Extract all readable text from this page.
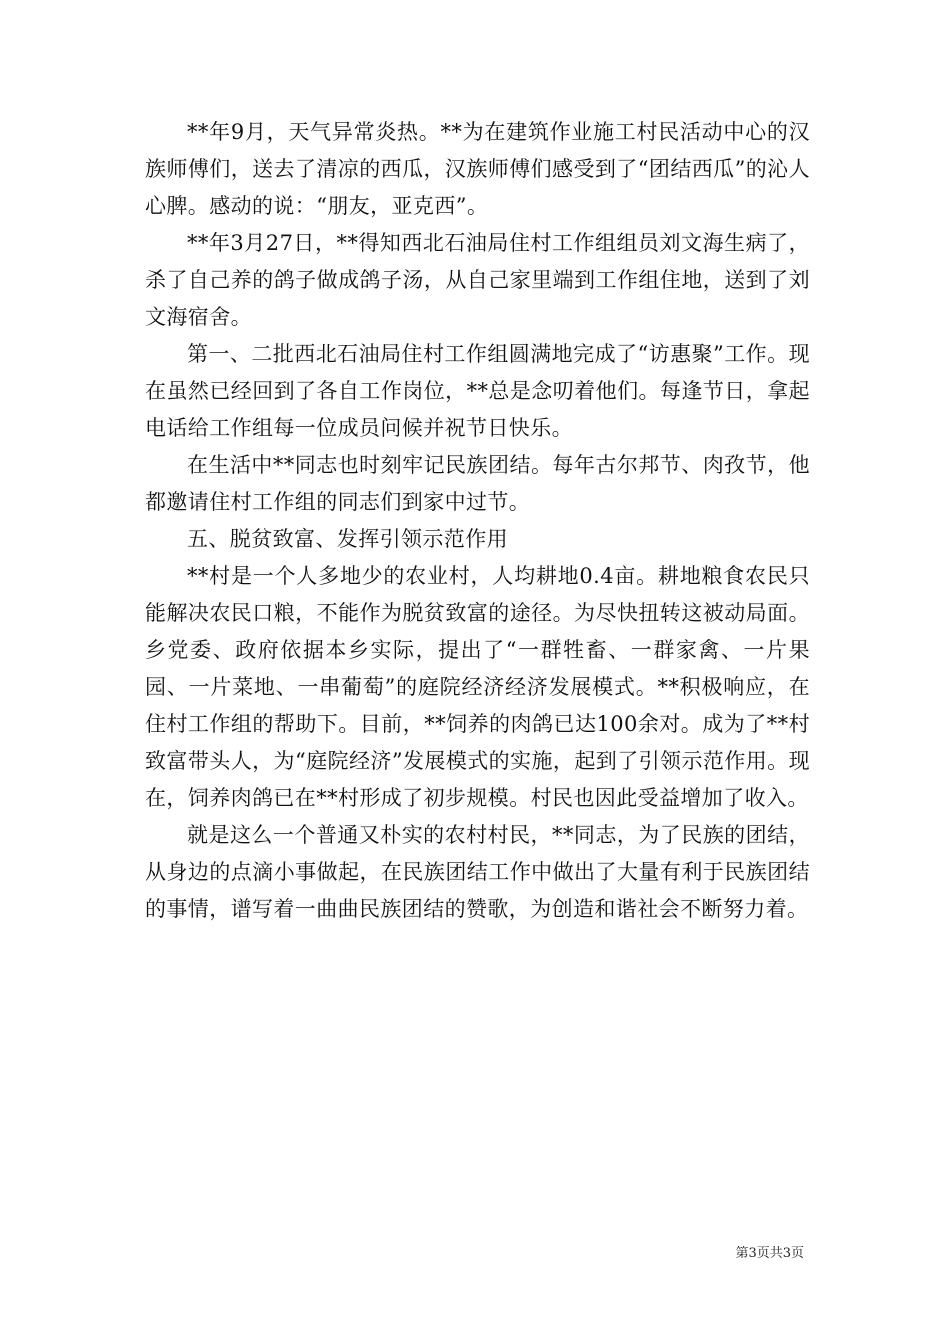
**年9月，天气异常炎热。**为在建筑作业施工村民活动中心的汉族师傅们，送去了清凉的西瓜，汉族师傅们感受到了“团结西瓜”的沁人心脾。感动的说：“朋友，亚克西”。

**年3月27日，**得知西北石油局住村工作组组员刘文海生病了，杀了自己养的鸽子做成鸽子汤，从自己家里端到工作组住地，送到了刘文海宿舍。

第一、二批西北石油局住村工作组圆满地完成了“访惠聚”工作。现在虽然已经回到了各自工作岗位，**总是念叨着他们。每逢节日，拿起电话给工作组每一位成员问候并祝节日快乐。

在生活中**同志也时刻牢记民族团结。每年古尔邦节、肉孜节，他都邀请住村工作组的同志们到家中过节。

五、脱贫致富、发挥引领示范作用

**村是一个人多地少的农业村，人均耕地0.4亩。耕地粮食农民只能解决农民口粮，不能作为脱贫致富的途径。为尽快扭转这被动局面。乡党委、政府依据本乡实际，提出了“一群牲畜、一群家禽、一片果园、一片菜地、一串葡萄”的庭院经济经济发展模式。**积极响应，在住村工作组的帮助下。目前，**饲养的肉鸽已达100余对。成为了**村致富带头人，为“庭院经济”发展模式的实施，起到了引领示范作用。现在，饲养肉鸽已在**村形成了初步规模。村民也因此受益增加了收入。

就是这么一个普通又朴实的农村村民，**同志，为了民族的团结，从身边的点滴小事做起，在民族团结工作中做出了大量有利于民族团结的事情，谱写着一曲曲民族团结的赞歌，为创造和谐社会不断努力着。

第3页共3页
